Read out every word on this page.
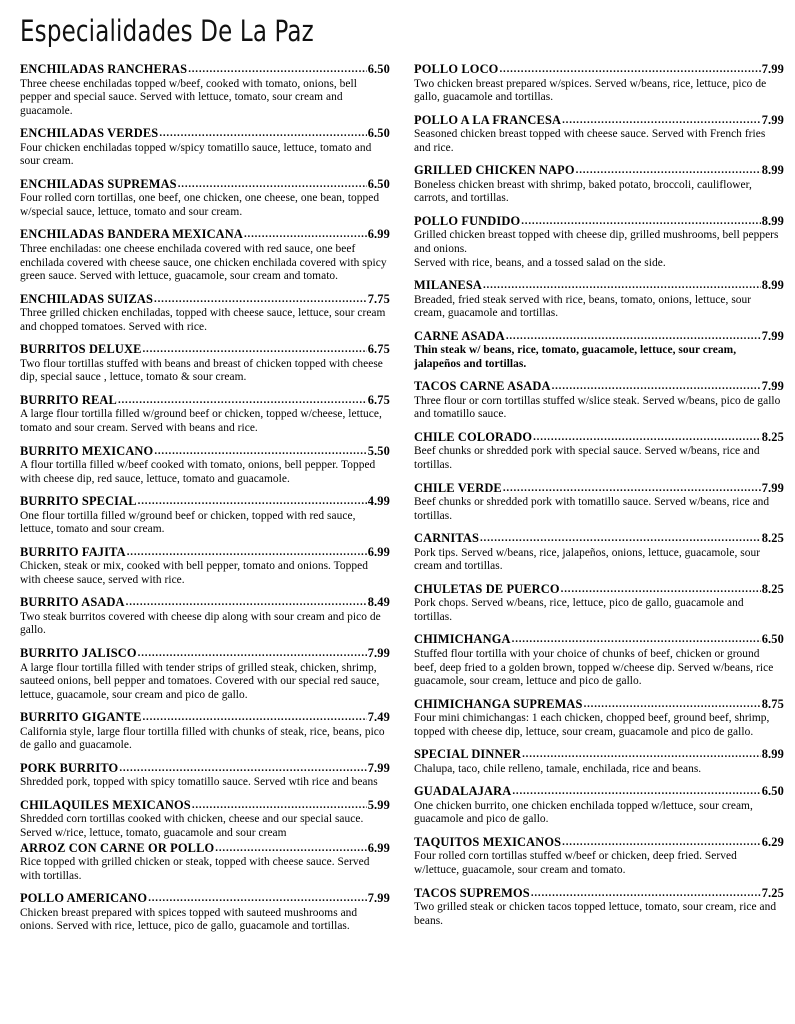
Especialidades De La Paz
ENCHILADAS RANCHERAS .....	6.50

Three cheese enchiladas topped w/beef, cooked with tomato, onions, bell pepper and special sauce. Served with lettuce, tomato, sour cream and guacamole.

ENCHILADAS VERDES .....	6.50

Four chicken enchiladas topped w/spicy tomatillo sauce, lettuce, tomato and sour cream.

ENCHILADAS SUPREMAS .....	6.50

Four rolled corn tortillas, one beef, one chicken, one cheese, one bean, topped w/special sauce, lettuce, tomato and sour cream.

ENCHILADAS BANDERA MEXICANA .....	6.99

Three enchiladas: one cheese enchilada covered with red sauce, one beef enchilada covered with cheese sauce, one chicken enchilada covered with spicy green sauce. Served with lettuce, guacamole, sour cream and tomato.

ENCHILADAS SUIZAS .....	7.75

Three grilled chicken enchiladas, topped with cheese sauce, lettuce, sour cream and chopped tomatoes. Served with rice.

BURRITOS DELUXE .....	6.75

Two flour tortillas stuffed with beans and breast of chicken topped with cheese dip, special sauce , lettuce, tomato & sour cream.

BURRITO REAL .....	6.75

A large flour tortilla filled w/ground beef or chicken, topped w/cheese, lettuce, tomato and sour cream. Served with beans and rice.

BURRITO MEXICANO .....	5.50

A flour tortilla filled w/beef cooked with tomato, onions, bell pepper. Topped with cheese dip, red sauce, lettuce, tomato and guacamole.

BURRITO SPECIAL .....	4.99

One flour tortilla filled w/ground beef or chicken, topped with red sauce, lettuce, tomato and sour cream.

BURRITO FAJITA .....	6.99

Chicken, steak or mix, cooked with bell pepper, tomato and onions. Topped with cheese sauce, served with rice.

BURRITO ASADA .....	8.49

Two steak burritos covered with cheese dip along with sour cream and pico de gallo.

BURRITO JALISCO .....	7.99

A large flour tortilla filled with tender strips of grilled steak, chicken, shrimp, sauteed onions, bell pepper and tomatoes. Covered with our special red sauce, lettuce, guacamole, sour cream and pico de gallo.

BURRITO GIGANTE .....	7.49

California style, large flour tortilla filled with chunks of steak, rice, beans, pico de gallo and guacamole.

PORK BURRITO .....	7.99

Shredded pork, topped with spicy tomatillo sauce. Served wtih rice and beans

CHILAQUILES MEXICANOS .....	5.99

Shredded corn tortillas cooked with chicken, cheese and our special sauce. Served w/rice, lettuce, tomato, guacamole and sour cream

ARROZ CON CARNE OR POLLO .....	6.99

Rice topped with grilled chicken or steak, topped with cheese sauce. Served with tortillas.

POLLO AMERICANO .....	7.99

Chicken breast prepared with spices topped with sauteed mushrooms and onions. Served with rice, lettuce, pico de gallo, guacamole and tortillas.

POLLO LOCO .....	7.99

Two chicken breast prepared w/spices. Served w/beans, rice, lettuce, pico de gallo, guacamole and tortillas.

POLLO A LA FRANCESA .....	7.99

Seasoned chicken breast topped with cheese sauce. Served with French fries and rice.

GRILLED CHICKEN NAPO .....	8.99

Boneless chicken breast with shrimp, baked potato, broccoli, cauliflower, carrots, and tortillas.

POLLO FUNDIDO .....	8.99

Grilled chicken breast topped with cheese dip, grilled mushrooms, bell peppers and onions.

Served with rice, beans, and a tossed salad on the side.

MILANESA .....	8.99

Breaded, fried steak served with rice, beans, tomato, onions, lettuce, sour cream, guacamole and tortillas.

CARNE ASADA .....	7.99

Thin steak w/ beans, rice, tomato, guacamole, lettuce, sour cream, jalapeños and tortillas.

TACOS CARNE ASADA .....	7.99

Three flour or corn tortillas stuffed w/slice steak. Served w/beans, pico de gallo and tomatillo sauce.

CHILE COLORADO .....	8.25

Beef chunks or shredded pork with special sauce. Served w/beans, rice and tortillas.

CHILE VERDE .....	7.99

Beef chunks or shredded pork with tomatillo sauce. Served w/beans, rice and tortillas.

CARNITAS .....	8.25

Pork tips. Served w/beans, rice, jalapeños, onions, lettuce, guacamole, sour cream and tortillas.

CHULETAS DE PUERCO .....	8.25

Pork chops. Served w/beans, rice, lettuce, pico de gallo, guacamole and tortillas.

CHIMICHANGA .....	6.50

Stuffed flour tortilla with your choice of chunks of beef, chicken or ground beef, deep fried to a golden brown, topped w/cheese dip. Served w/beans, rice guacamole, sour cream, lettuce and pico de gallo.

CHIMICHANGA SUPREMAS .....	8.75

Four mini chimichangas: 1 each chicken, chopped beef, ground beef, shrimp, topped with cheese dip, lettuce, sour cream, guacamole and pico de gallo.

SPECIAL DINNER .....	8.99

Chalupa, taco, chile relleno, tamale, enchilada, rice and beans.

GUADALAJARA .....	6.50

One chicken burrito, one chicken enchilada topped w/lettuce, sour cream, guacamole and pico de gallo.

TAQUITOS MEXICANOS .....	6.29

Four rolled corn tortillas stuffed w/beef or chicken, deep fried. Served w/lettuce, guacamole, sour cream and tomato.

TACOS SUPREMOS .....	7.25

Two grilled steak or chicken tacos topped lettuce, tomato, sour cream, rice and beans.
